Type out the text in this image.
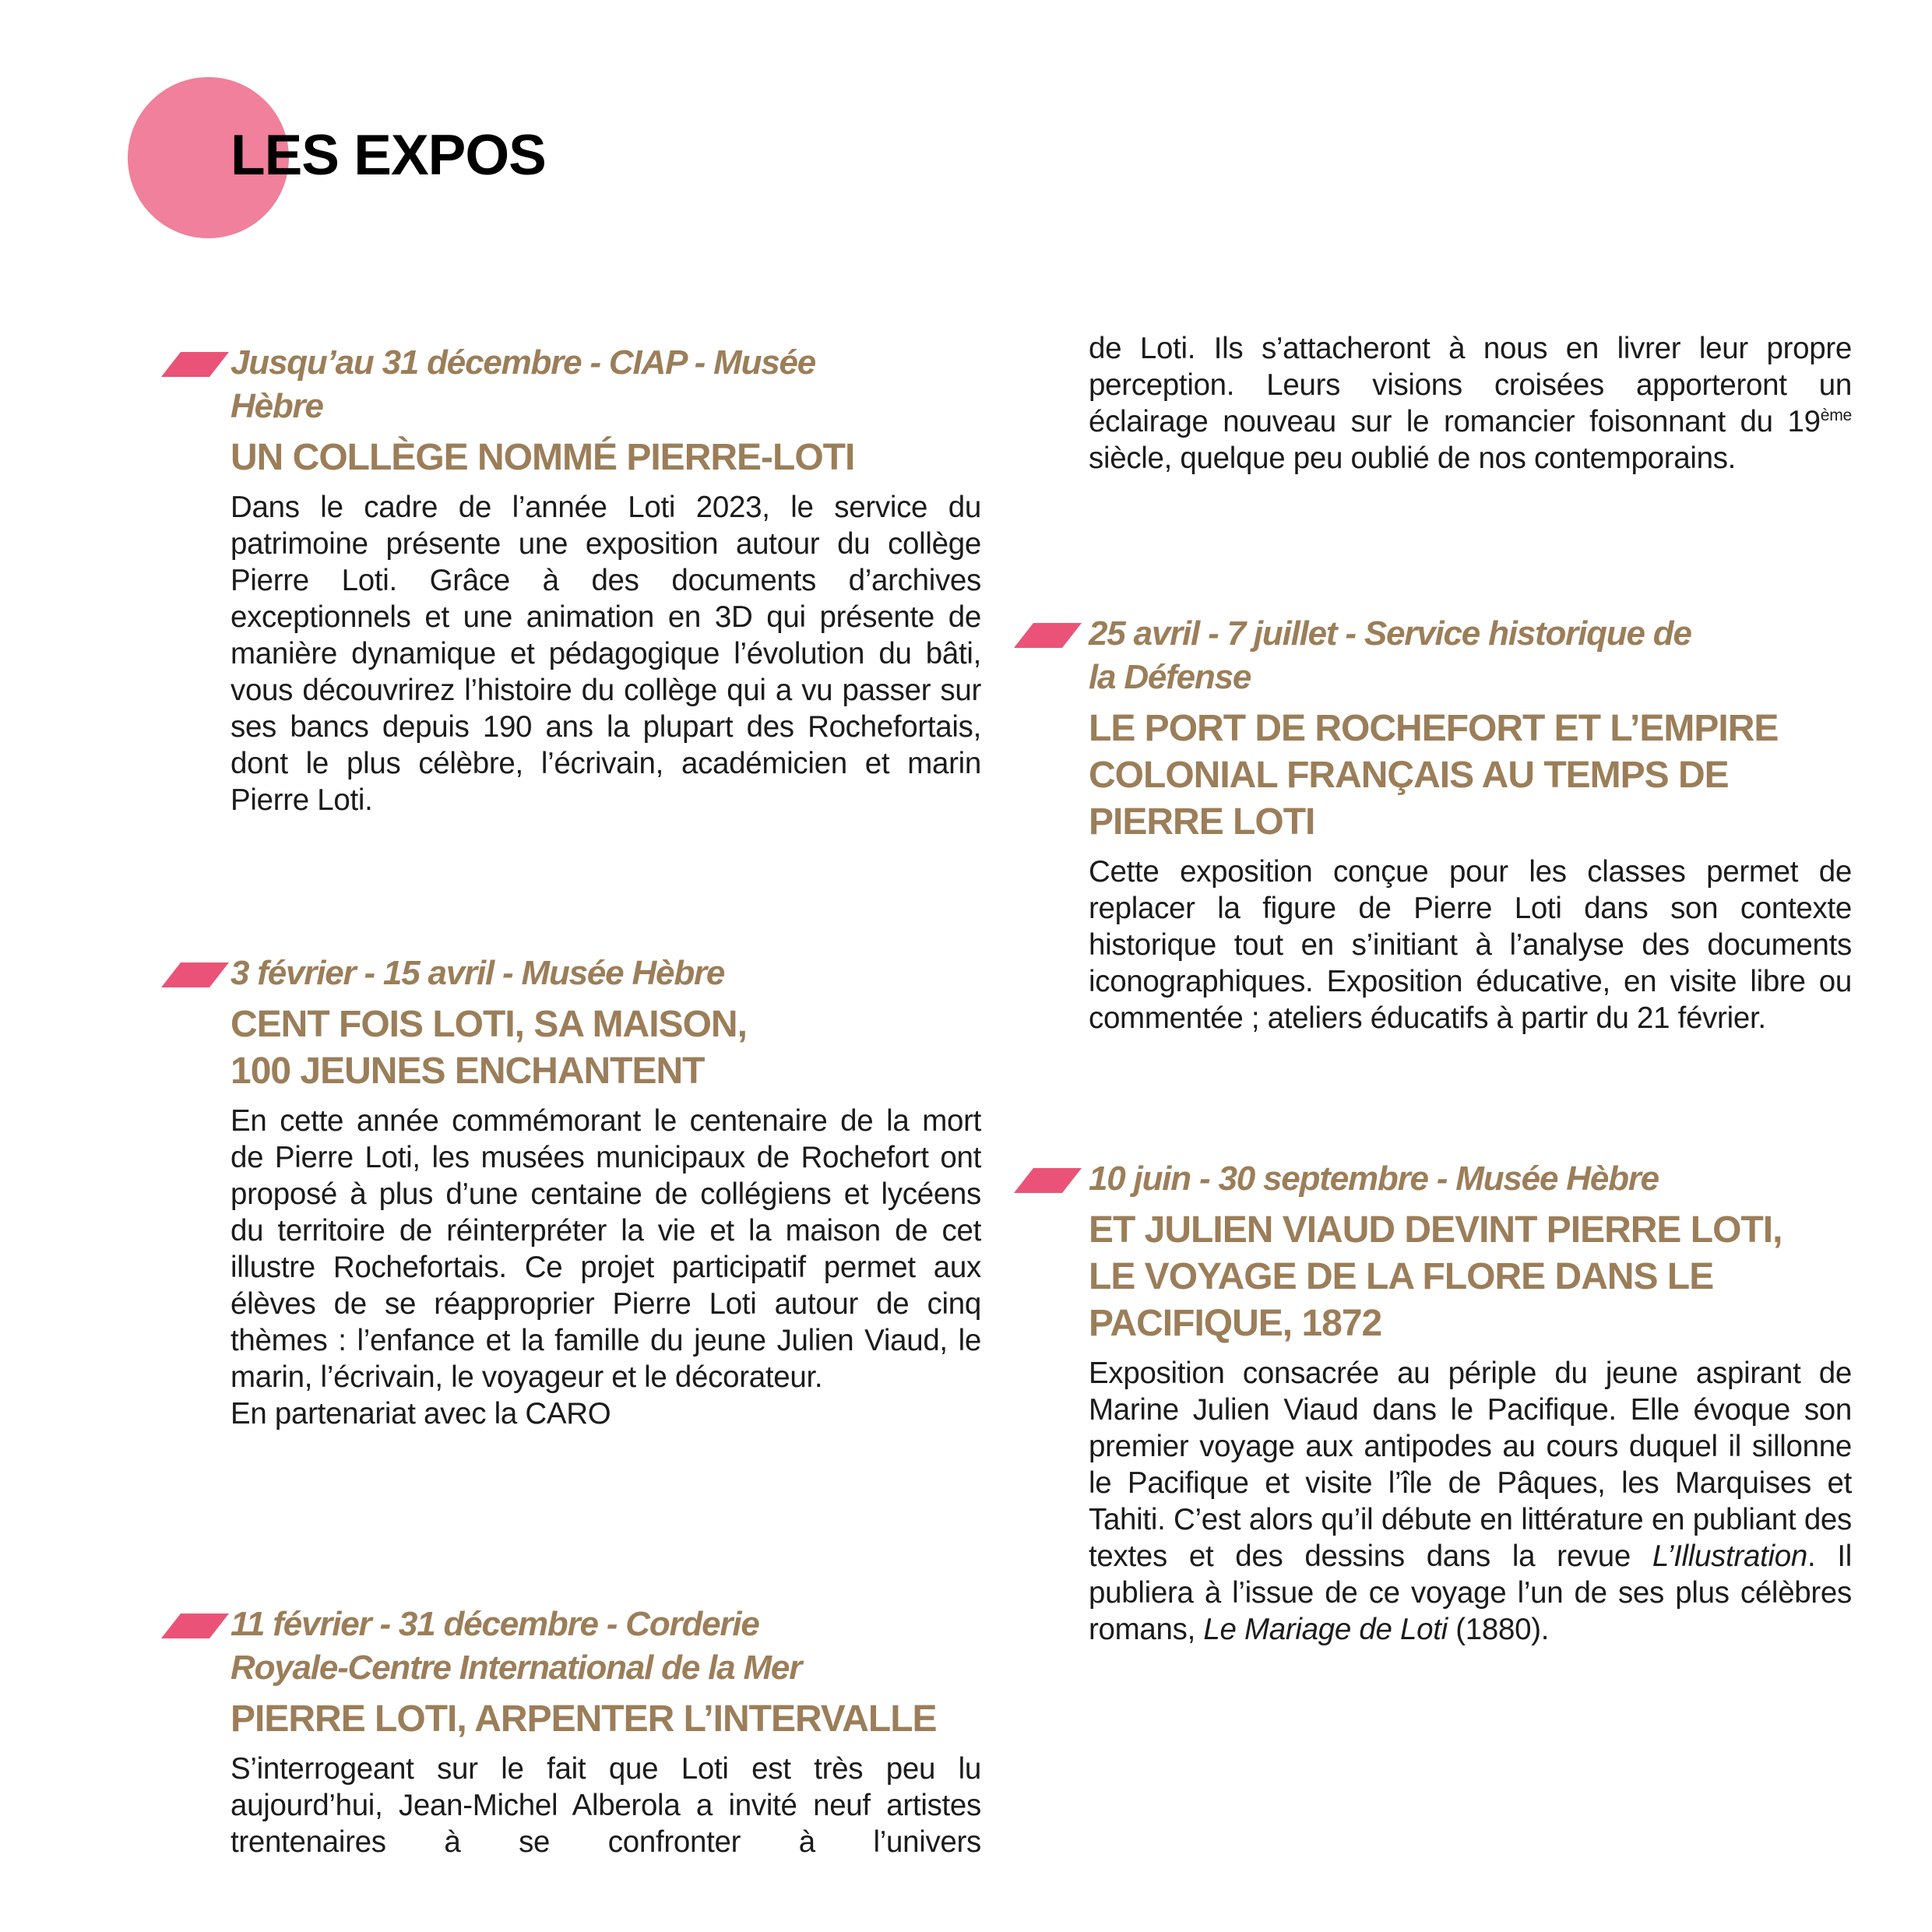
LES EXPOS
Jusqu’au 31 décembre - CIAP - Musée
Hèbre
UN COLLÈGE NOMMÉ PIERRE-LOTI

Dans le cadre de l’année Loti 2023, le service du patrimoine présente une exposition autour du collège Pierre Loti. Grâce à des documents d’archives exceptionnels et une animation en 3D qui présente de manière dynamique et pédagogique l’évolution du bâti, vous découvrirez l’histoire du collège qui a vu passer sur ses bancs depuis 190 ans la plupart des Rochefortais, dont le plus célèbre, l’écrivain, académicien et marin Pierre Loti.

3 février - 15 avril - Musée Hèbre
CENT FOIS LOTI, SA MAISON,
100 JEUNES ENCHANTENT

En cette année commémorant le centenaire de la mort de Pierre Loti, les musées municipaux de Rochefort ont proposé à plus d’une centaine de collégiens et lycéens du territoire de réinterpréter la vie et la maison de cet illustre Rochefortais. Ce projet participatif permet aux élèves de se réapproprier Pierre Loti autour de cinq thèmes : l’enfance et la famille du jeune Julien Viaud, le marin, l’écrivain, le voyageur et le décorateur.

En partenariat avec la CARO

11 février - 31 décembre - Corderie
Royale-Centre International de la Mer
PIERRE LOTI, ARPENTER L’INTERVALLE

S’interrogeant sur le fait que Loti est très peu lu aujourd’hui, Jean-Michel Alberola a invité neuf artistes trentenaires à se confronter à l’univers

de Loti. Ils s’attacheront à nous en livrer leur propre perception. Leurs visions croisées apporteront un éclairage nouveau sur le romancier foisonnant du 19ème siècle, quelque peu oublié de nos contemporains.

25 avril - 7 juillet - Service historique de
la Défense
LE PORT DE ROCHEFORT ET L’EMPIRE
COLONIAL FRANÇAIS AU TEMPS DE
PIERRE LOTI

Cette exposition conçue pour les classes permet de replacer la figure de Pierre Loti dans son contexte historique tout en s’initiant à l’analyse des documents iconographiques. Exposition éducative, en visite libre ou commentée ; ateliers éducatifs à partir du 21 février.

10 juin - 30 septembre - Musée Hèbre
ET JULIEN VIAUD DEVINT PIERRE LOTI,
LE VOYAGE DE LA FLORE DANS LE
PACIFIQUE, 1872

Exposition consacrée au périple du jeune aspirant de Marine Julien Viaud dans le Pacifique. Elle évoque son premier voyage aux antipodes au cours duquel il sillonne le Pacifique et visite l’île de Pâques, les Marquises et Tahiti. C’est alors qu’il débute en littérature en publiant des textes et des dessins dans la revue L’Illustration. Il publiera à l’issue de ce voyage l’un de ses plus célèbres romans, Le Mariage de Loti (1880).
